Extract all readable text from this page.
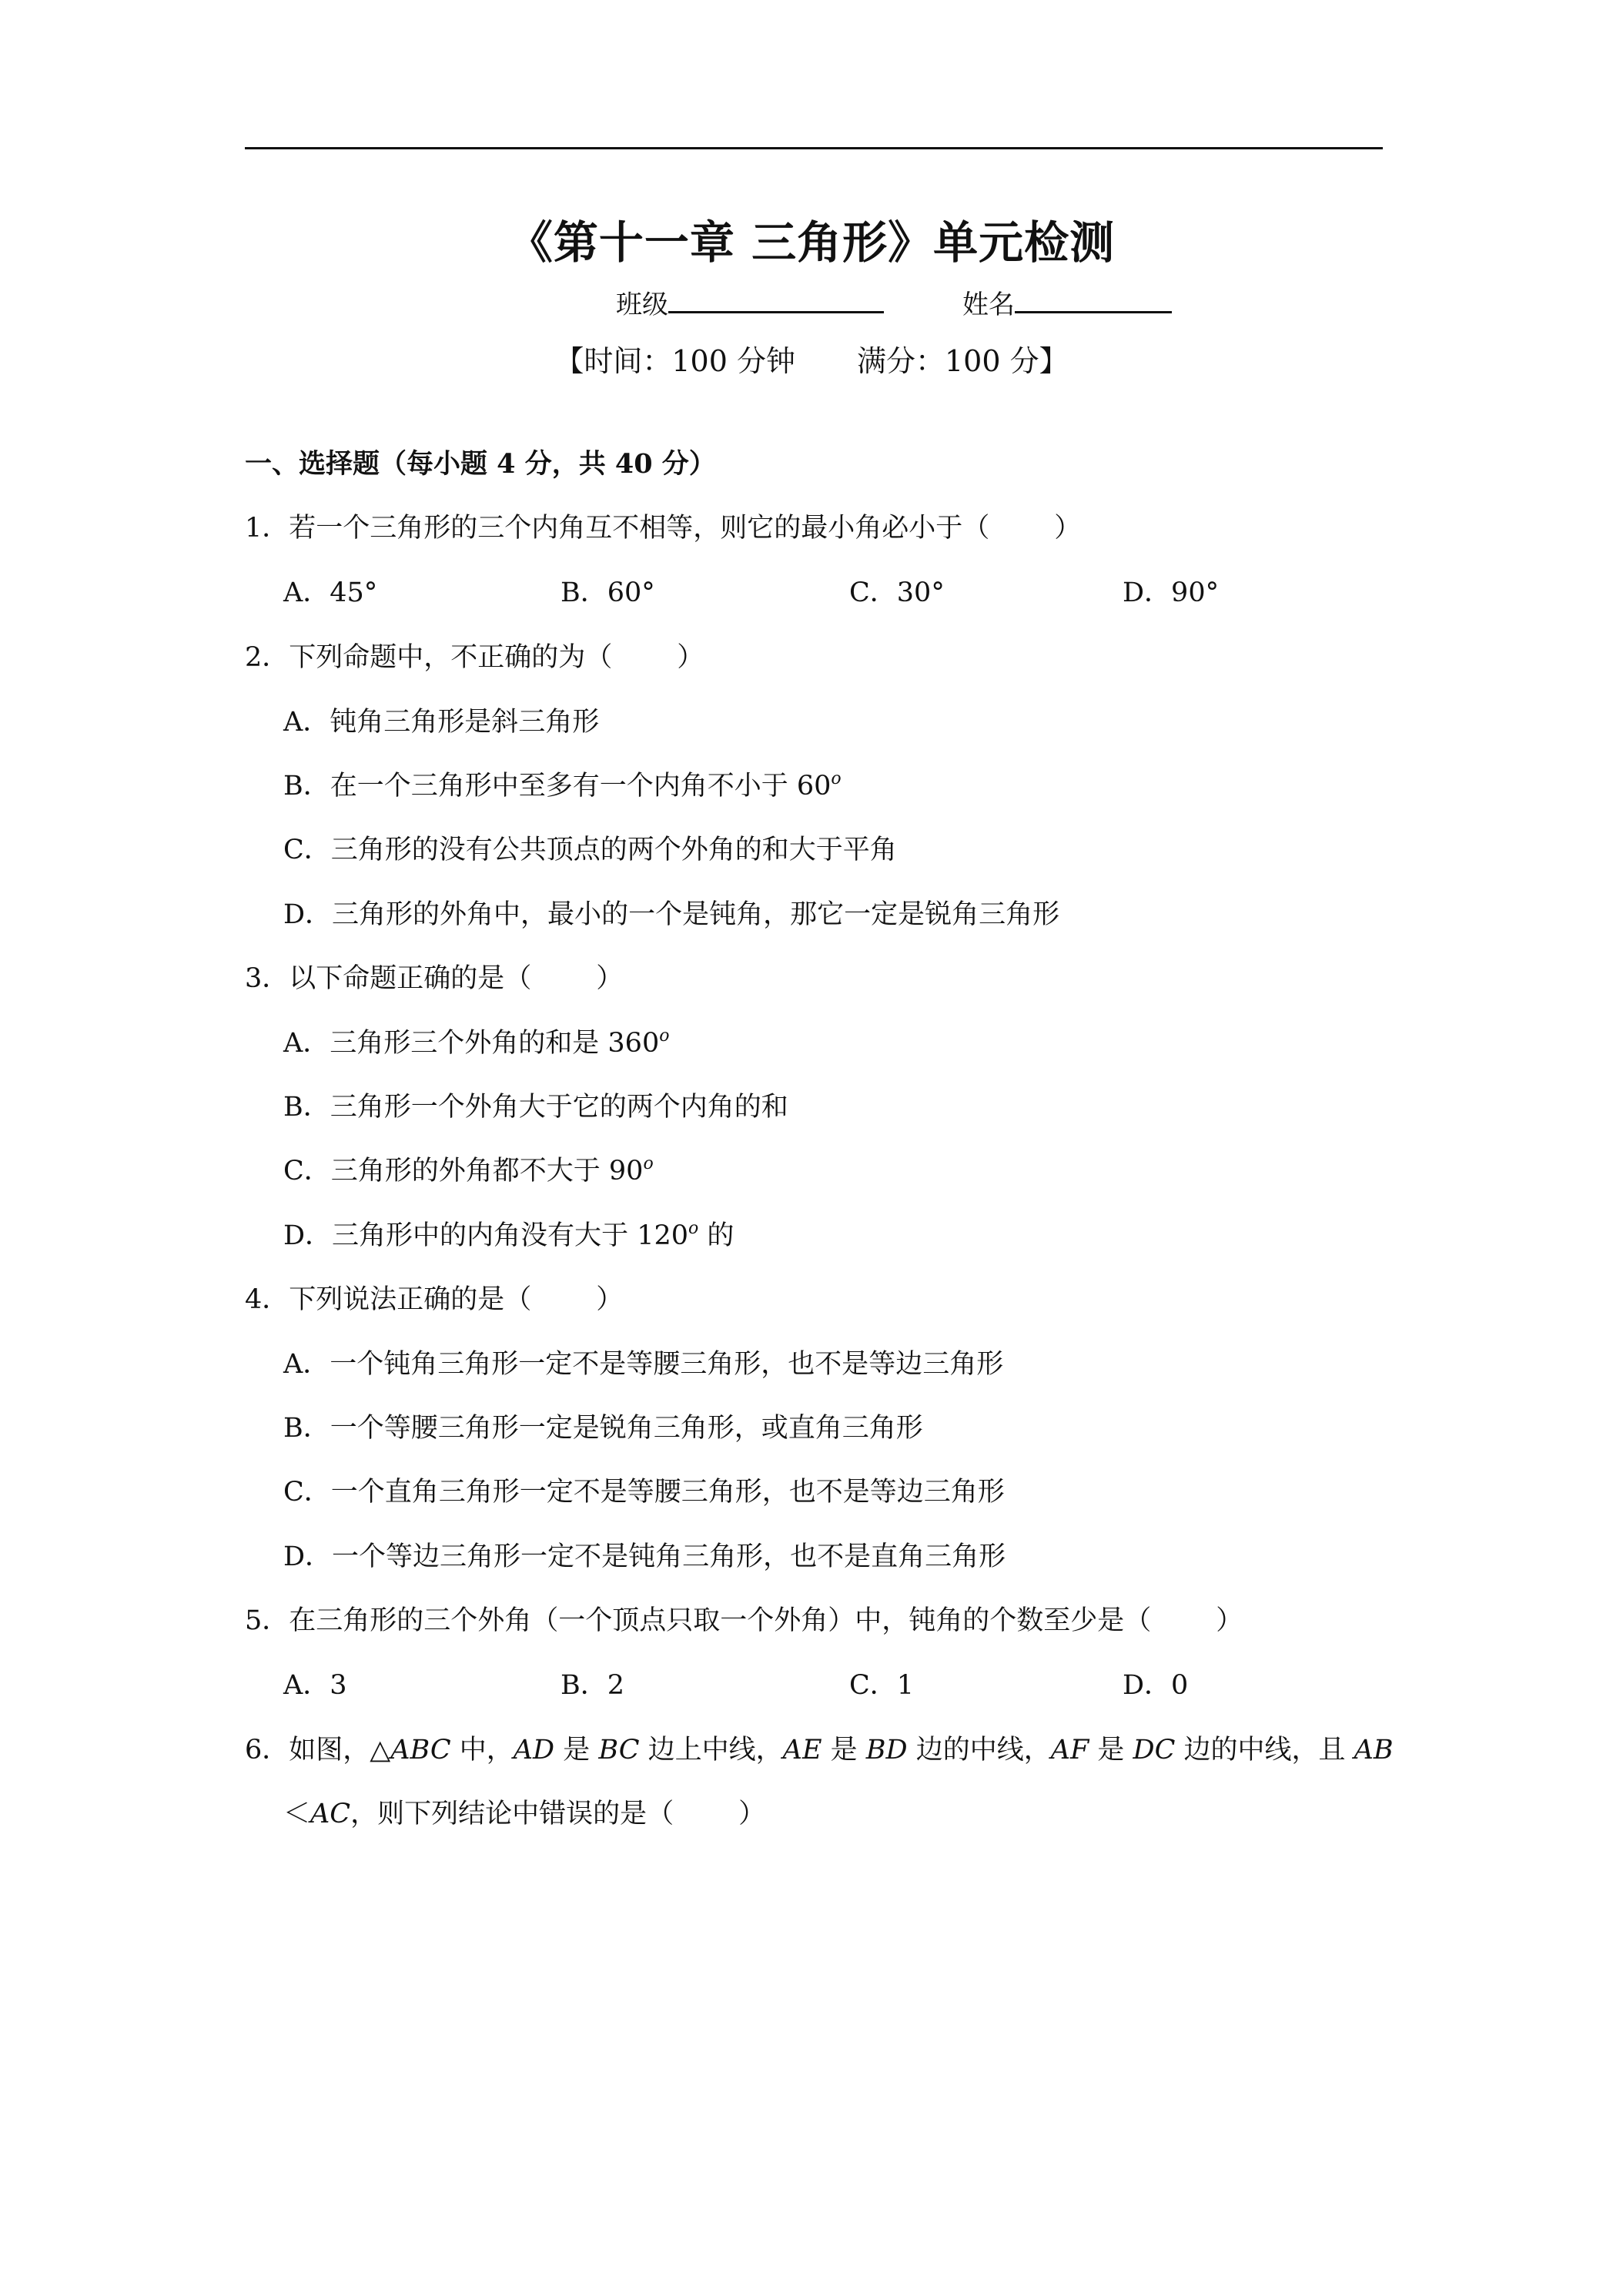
《第十一章 三角形》单元检测
班级	姓名
【时间：100 分钟 满分：100 分】
一、选择题（每小题 4 分，共 40 分）
1．若一个三角形的三个内角互不相等，则它的最小角必小于（ ）
A．45°	B．60°	C．30°	D．90°
2．下列命题中，不正确的为（ ）
A．钝角三角形是斜三角形
B．在一个三角形中至多有一个内角不小于 60$^o$
C．三角形的没有公共顶点的两个外角的和大于平角
D．三角形的外角中，最小的一个是钝角，那它一定是锐角三角形
3．以下命题正确的是（ ）
A．三角形三个外角的和是 360$^o$
B．三角形一个外角大于它的两个内角的和
C．三角形的外角都不大于 90$^o$
D．三角形中的内角没有大于 120$^o$ 的
4．下列说法正确的是（ ）
A．一个钝角三角形一定不是等腰三角形，也不是等边三角形
B．一个等腰三角形一定是锐角三角形，或直角三角形
C．一个直角三角形一定不是等腰三角形，也不是等边三角形
D．一个等边三角形一定不是钝角三角形，也不是直角三角形
5．在三角形的三个外角（一个顶点只取一个外角）中，钝角的个数至少是（ ）
A．3	B．2	C．1	D．0
6．如图，△ABC 中，AD 是 BC 边上中线，AE 是 BD 边的中线，AF 是 DC 边的中线，且 AB
＜AC，则下列结论中错误的是（ ）
